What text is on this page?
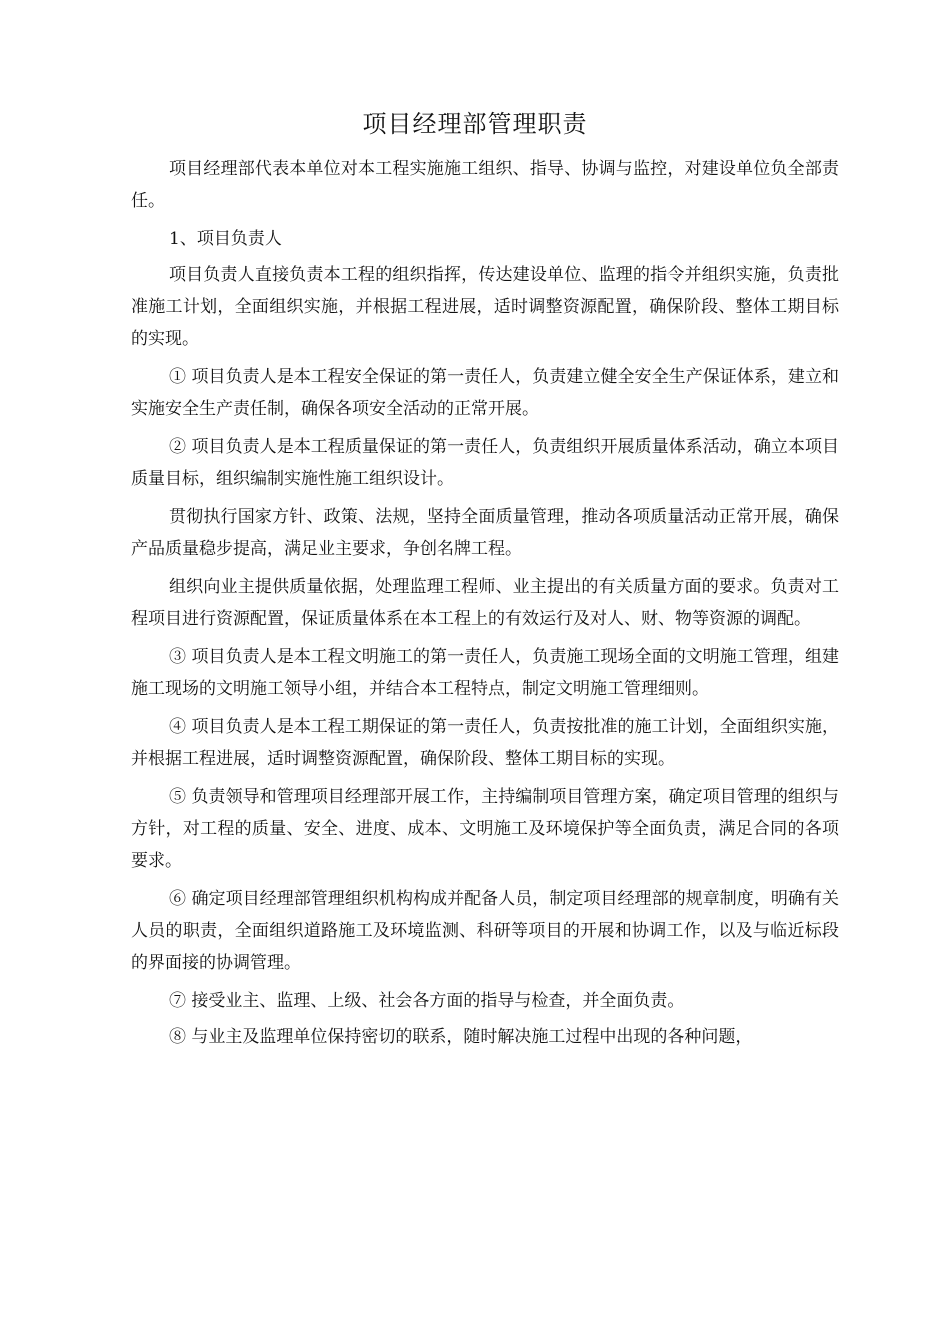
项目经理部管理职责

项目经理部代表本单位对本工程实施施工组织、指导、协调与监控，对建设单位负全部责任。

1、项目负责人

项目负责人直接负责本工程的组织指挥，传达建设单位、监理的指令并组织实施，负责批准施工计划，全面组织实施，并根据工程进展，适时调整资源配置，确保阶段、整体工期目标的实现。

① 项目负责人是本工程安全保证的第一责任人，负责建立健全安全生产保证体系，建立和实施安全生产责任制，确保各项安全活动的正常开展。

② 项目负责人是本工程质量保证的第一责任人，负责组织开展质量体系活动，确立本项目质量目标，组织编制实施性施工组织设计。

贯彻执行国家方针、政策、法规，坚持全面质量管理，推动各项质量活动正常开展，确保产品质量稳步提高，满足业主要求，争创名牌工程。

组织向业主提供质量依据，处理监理工程师、业主提出的有关质量方面的要求。负责对工程项目进行资源配置，保证质量体系在本工程上的有效运行及对人、财、物等资源的调配。

③ 项目负责人是本工程文明施工的第一责任人，负责施工现场全面的文明施工管理，组建施工现场的文明施工领导小组，并结合本工程特点，制定文明施工管理细则。

④ 项目负责人是本工程工期保证的第一责任人，负责按批准的施工计划，全面组织实施，并根据工程进展，适时调整资源配置，确保阶段、整体工期目标的实现。

⑤ 负责领导和管理项目经理部开展工作，主持编制项目管理方案，确定项目管理的组织与方针，对工程的质量、安全、进度、成本、文明施工及环境保护等全面负责，满足合同的各项要求。

⑥ 确定项目经理部管理组织机构构成并配备人员，制定项目经理部的规章制度，明确有关人员的职责，全面组织道路施工及环境监测、科研等项目的开展和协调工作，以及与临近标段的界面接的协调管理。

⑦ 接受业主、监理、上级、社会各方面的指导与检查，并全面负责。

⑧ 与业主及监理单位保持密切的联系，随时解决施工过程中出现的各种问题，
